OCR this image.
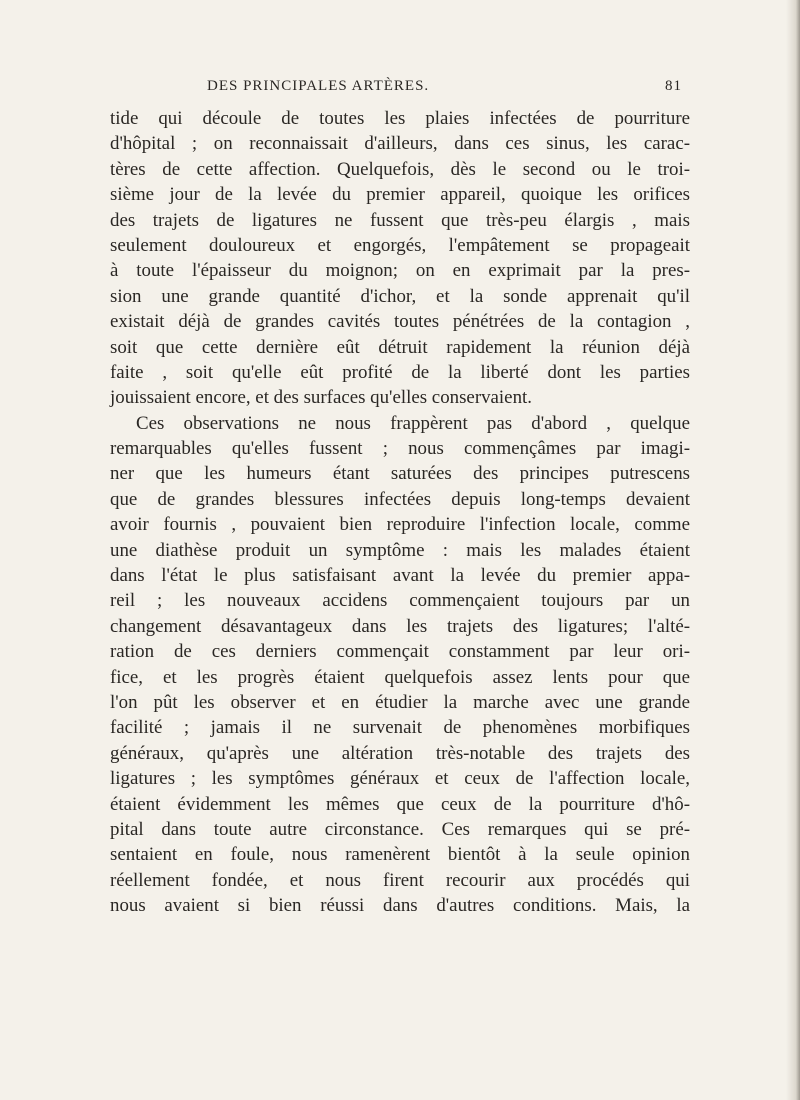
DES PRINCIPALES ARTÈRES.	81
tide qui découle de toutes les plaies infectées de pourriture
d'hôpital ; on reconnaissait d'ailleurs, dans ces sinus, les carac-
tères de cette affection. Quelquefois, dès le second ou le troi-
sième jour de la levée du premier appareil, quoique les orifices
des trajets de ligatures ne fussent que très-peu élargis , mais
seulement douloureux et engorgés, l'empâtement se propageait
à toute l'épaisseur du moignon; on en exprimait par la pres-
sion une grande quantité d'ichor, et la sonde apprenait qu'il
existait déjà de grandes cavités toutes pénétrées de la contagion ,
soit que cette dernière eût détruit rapidement la réunion déjà
faite , soit qu'elle eût profité de la liberté dont les parties
jouissaient encore, et des surfaces qu'elles conservaient.
Ces observations ne nous frappèrent pas d'abord , quelque
remarquables qu'elles fussent ; nous commençâmes par imagi-
ner que les humeurs étant saturées des principes putrescens
que de grandes blessures infectées depuis long-temps devaient
avoir fournis , pouvaient bien reproduire l'infection locale, comme
une diathèse produit un symptôme : mais les malades étaient
dans l'état le plus satisfaisant avant la levée du premier appa-
reil ; les nouveaux accidens commençaient toujours par un
changement désavantageux dans les trajets des ligatures; l'alté-
ration de ces derniers commençait constamment par leur ori-
fice, et les progrès étaient quelquefois assez lents pour que
l'on pût les observer et en étudier la marche avec une grande
facilité ; jamais il ne survenait de phenomènes morbifiques
généraux, qu'après une altération très-notable des trajets des
ligatures ; les symptômes généraux et ceux de l'affection locale,
étaient évidemment les mêmes que ceux de la pourriture d'hô-
pital dans toute autre circonstance. Ces remarques qui se pré-
sentaient en foule, nous ramenèrent bientôt à la seule opinion
réellement fondée, et nous firent recourir aux procédés qui
nous avaient si bien réussi dans d'autres conditions. Mais, la
